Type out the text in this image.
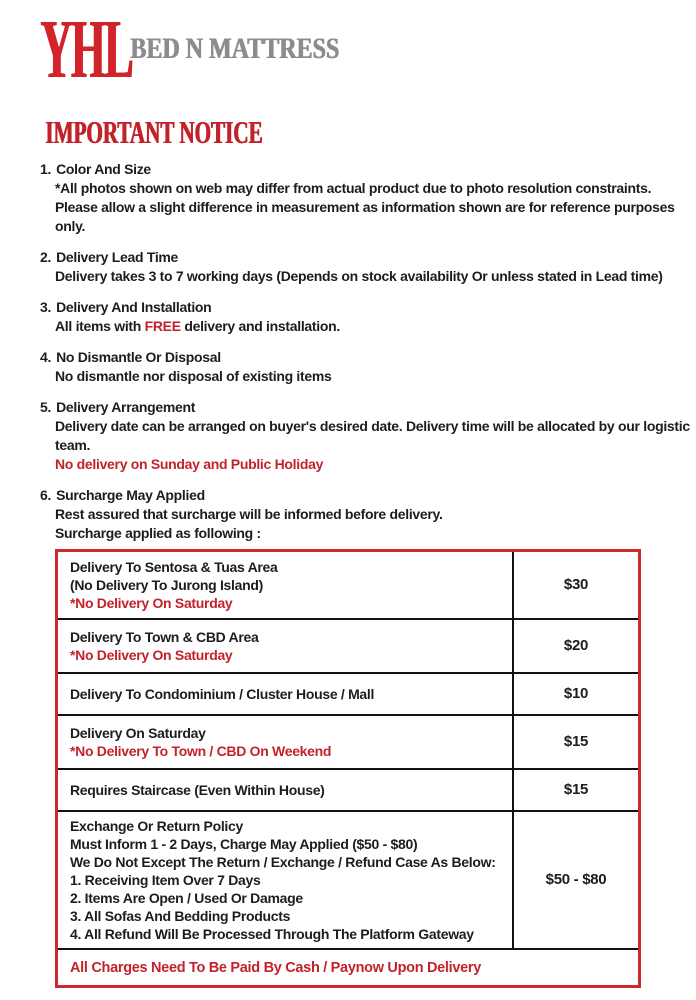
YHL
BED N MATTRESS
IMPORTANT NOTICE
1. Color And Size
*All photos shown on web may differ from actual product due to photo resolution constraints.
Please allow a slight difference in measurement as information shown are for reference purposes
only.
2. Delivery Lead Time
Delivery takes 3 to 7 working days (Depends on stock availability Or unless stated in Lead time)
3. Delivery And Installation
All items with FREE delivery and installation.
4. No Dismantle Or Disposal
No dismantle nor disposal of existing items
5. Delivery Arrangement
Delivery date can be arranged on buyer's desired date. Delivery time will be allocated by our logistic
team.
No delivery on Sunday and Public Holiday
6. Surcharge May Applied
Rest assured that surcharge will be informed before delivery.
Surcharge applied as following :
Delivery To Sentosa & Tuas Area
(No Delivery To Jurong Island)
*No Delivery On Saturday
$30
Delivery To Town & CBD Area
*No Delivery On Saturday
$20
Delivery To Condominium / Cluster House / Mall	$10
Delivery On Saturday
*No Delivery To Town / CBD On Weekend
$15
Requires Staircase (Even Within House)	$15
Exchange Or Return Policy
Must Inform 1 - 2 Days, Charge May Applied ($50 - $80)
We Do Not Except The Return / Exchange / Refund Case As Below:
1. Receiving Item Over 7 Days
2. Items Are Open / Used Or Damage
3. All Sofas And Bedding Products
4. All Refund Will Be Processed Through The Platform Gateway
$50 - $80
All Charges Need To Be Paid By Cash / Paynow Upon Delivery
